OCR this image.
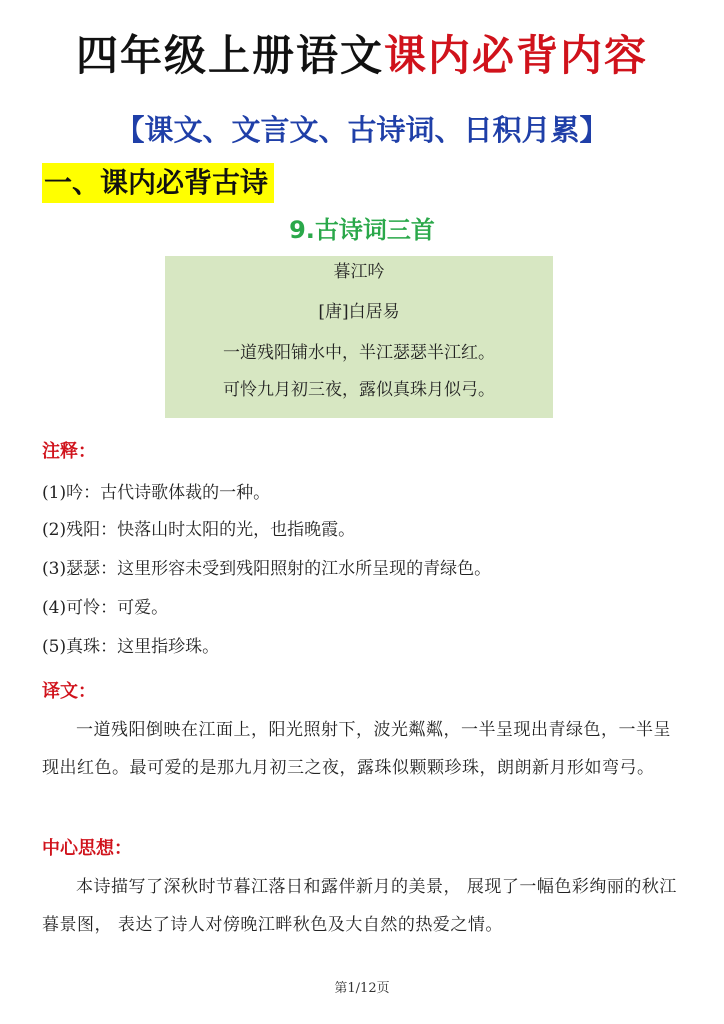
四年级上册语文课内必背内容
【课文、文言文、古诗词、日积月累】
一、课内必背古诗
9.古诗词三首
暮江吟
[唐]白居易
一道残阳铺水中，半江瑟瑟半江红。
可怜九月初三夜，露似真珠月似弓。
注释：
(1)吟：古代诗歌体裁的一种。
(2)残阳：快落山时太阳的光，也指晚霞。
(3)瑟瑟：这里形容未受到残阳照射的江水所呈现的青绿色。
(4)可怜：可爱。
(5)真珠：这里指珍珠。
译文：
一道残阳倒映在江面上，阳光照射下，波光粼粼，一半呈现出青绿色，一半呈现出红色。最可爱的是那九月初三之夜，露珠似颗颗珍珠，朗朗新月形如弯弓。
中心思想：
本诗描写了深秋时节暮江落日和露伴新月的美景， 展现了一幅色彩绚丽的秋江暮景图， 表达了诗人对傍晚江畔秋色及大自然的热爱之情。
第1/12页
